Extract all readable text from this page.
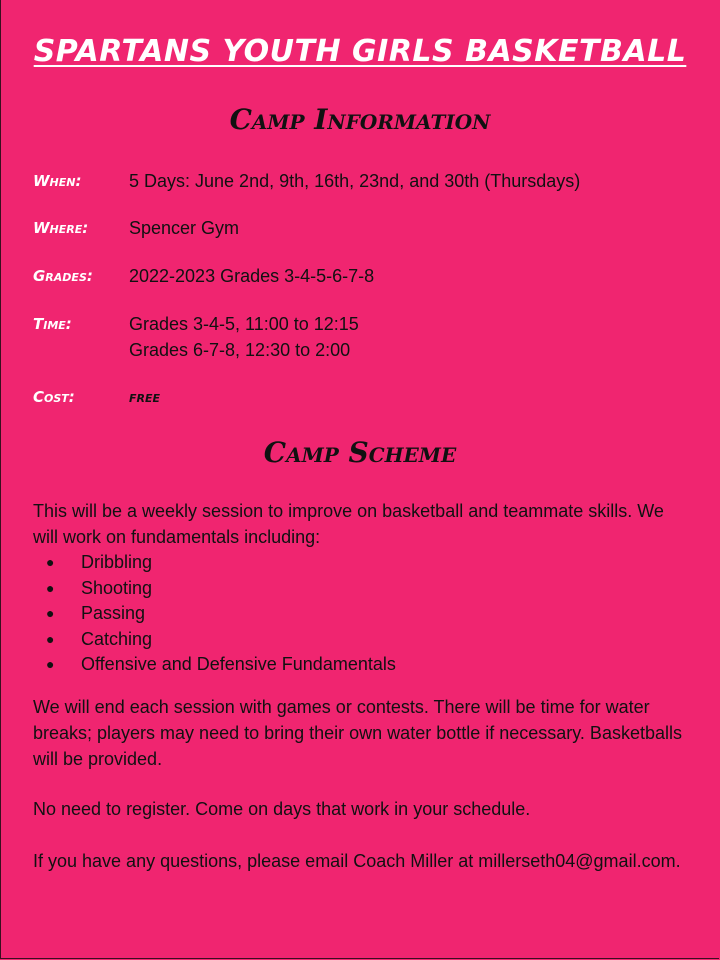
SPARTANS YOUTH GIRLS BASKETBALL
Camp Information
When:	5 Days: June 2nd, 9th, 16th, 23nd, and 30th (Thursdays)
Where: Spencer Gym
Grades: 2022-2023 Grades 3-4-5-6-7-8
Time:	Grades 3-4-5, 11:00 to 12:15
Grades 6-7-8, 12:30 to 2:00
Cost:	free
Camp Scheme
This will be a weekly session to improve on basketball and teammate skills. We will work on fundamentals including:
● Dribbling
● Shooting
● Passing
● Catching
● Offensive and Defensive Fundamentals
We will end each session with games or contests. There will be time for water breaks; players may need to bring their own water bottle if necessary. Basketballs will be provided.
No need to register. Come on days that work in your schedule.
If you have any questions, please email Coach Miller at millerseth04@gmail.com.
